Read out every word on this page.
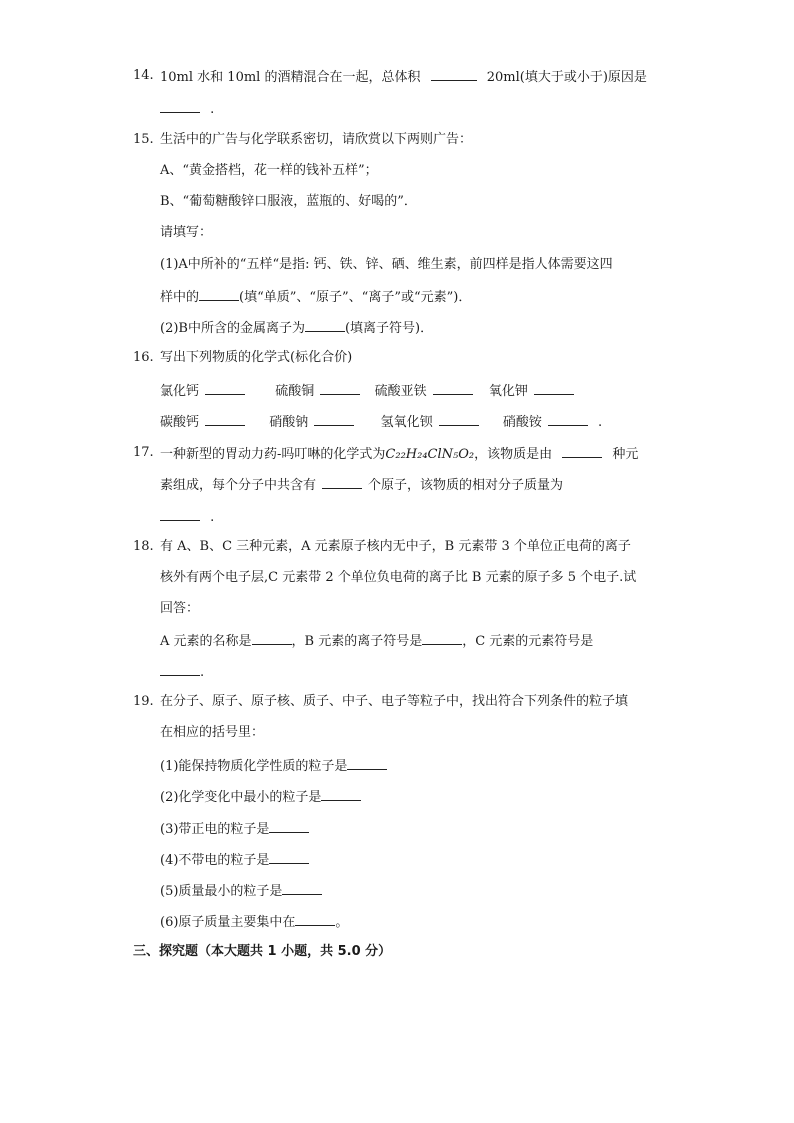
14. 10ml 水和 10ml 的酒精混合在一起，总体积	20ml(填大于或小于)原因是
.
15. 生活中的广告与化学联系密切，请欣赏以下两则广告：
A、“黄金搭档，花一样的钱补五样”；
B、“葡萄糖酸锌口服液，蓝瓶的、好喝的”．
请填写：
(1)A中所补的“五样“是指: 钙、铁、锌、硒、维生素，前四样是指人体需要这四
样中的	(填“单质”、“原子”、“离子”或“元素”)．
(2)B中所含的金属离子为	(填离子符号)．
16. 写出下列物质的化学式(标化合价)
氯化钙	硫酸铜	硫酸亚铁	氧化钾
碳酸钙	硝酸钠	氢氧化钡	硝酸铵	.
17. 一种新型的胃动力药-吗叮啉的化学式为C₂₂H₂₄ClN₅O₂，该物质是由	种元
素组成，每个分子中共含有	个原子，该物质的相对分子质量为
.
18. 有 A、B、C 三种元素，A 元素原子核内无中子，B 元素带 3 个单位正电荷的离子
核外有两个电子层,C 元素带 2 个单位负电荷的离子比 B 元素的原子多 5 个电子.试
回答：
A 元素的名称是	，B 元素的离子符号是	，C 元素的元素符号是
.
19. 在分子、原子、原子核、质子、中子、电子等粒子中，找出符合下列条件的粒子填
在相应的括号里：
(1)能保持物质化学性质的粒子是
(2)化学变化中最小的粒子是
(3)带正电的粒子是
(4)不带电的粒子是
(5)质量最小的粒子是
(6)原子质量主要集中在	。
三、探究题（本大题共 1 小题，共 5.0 分）
